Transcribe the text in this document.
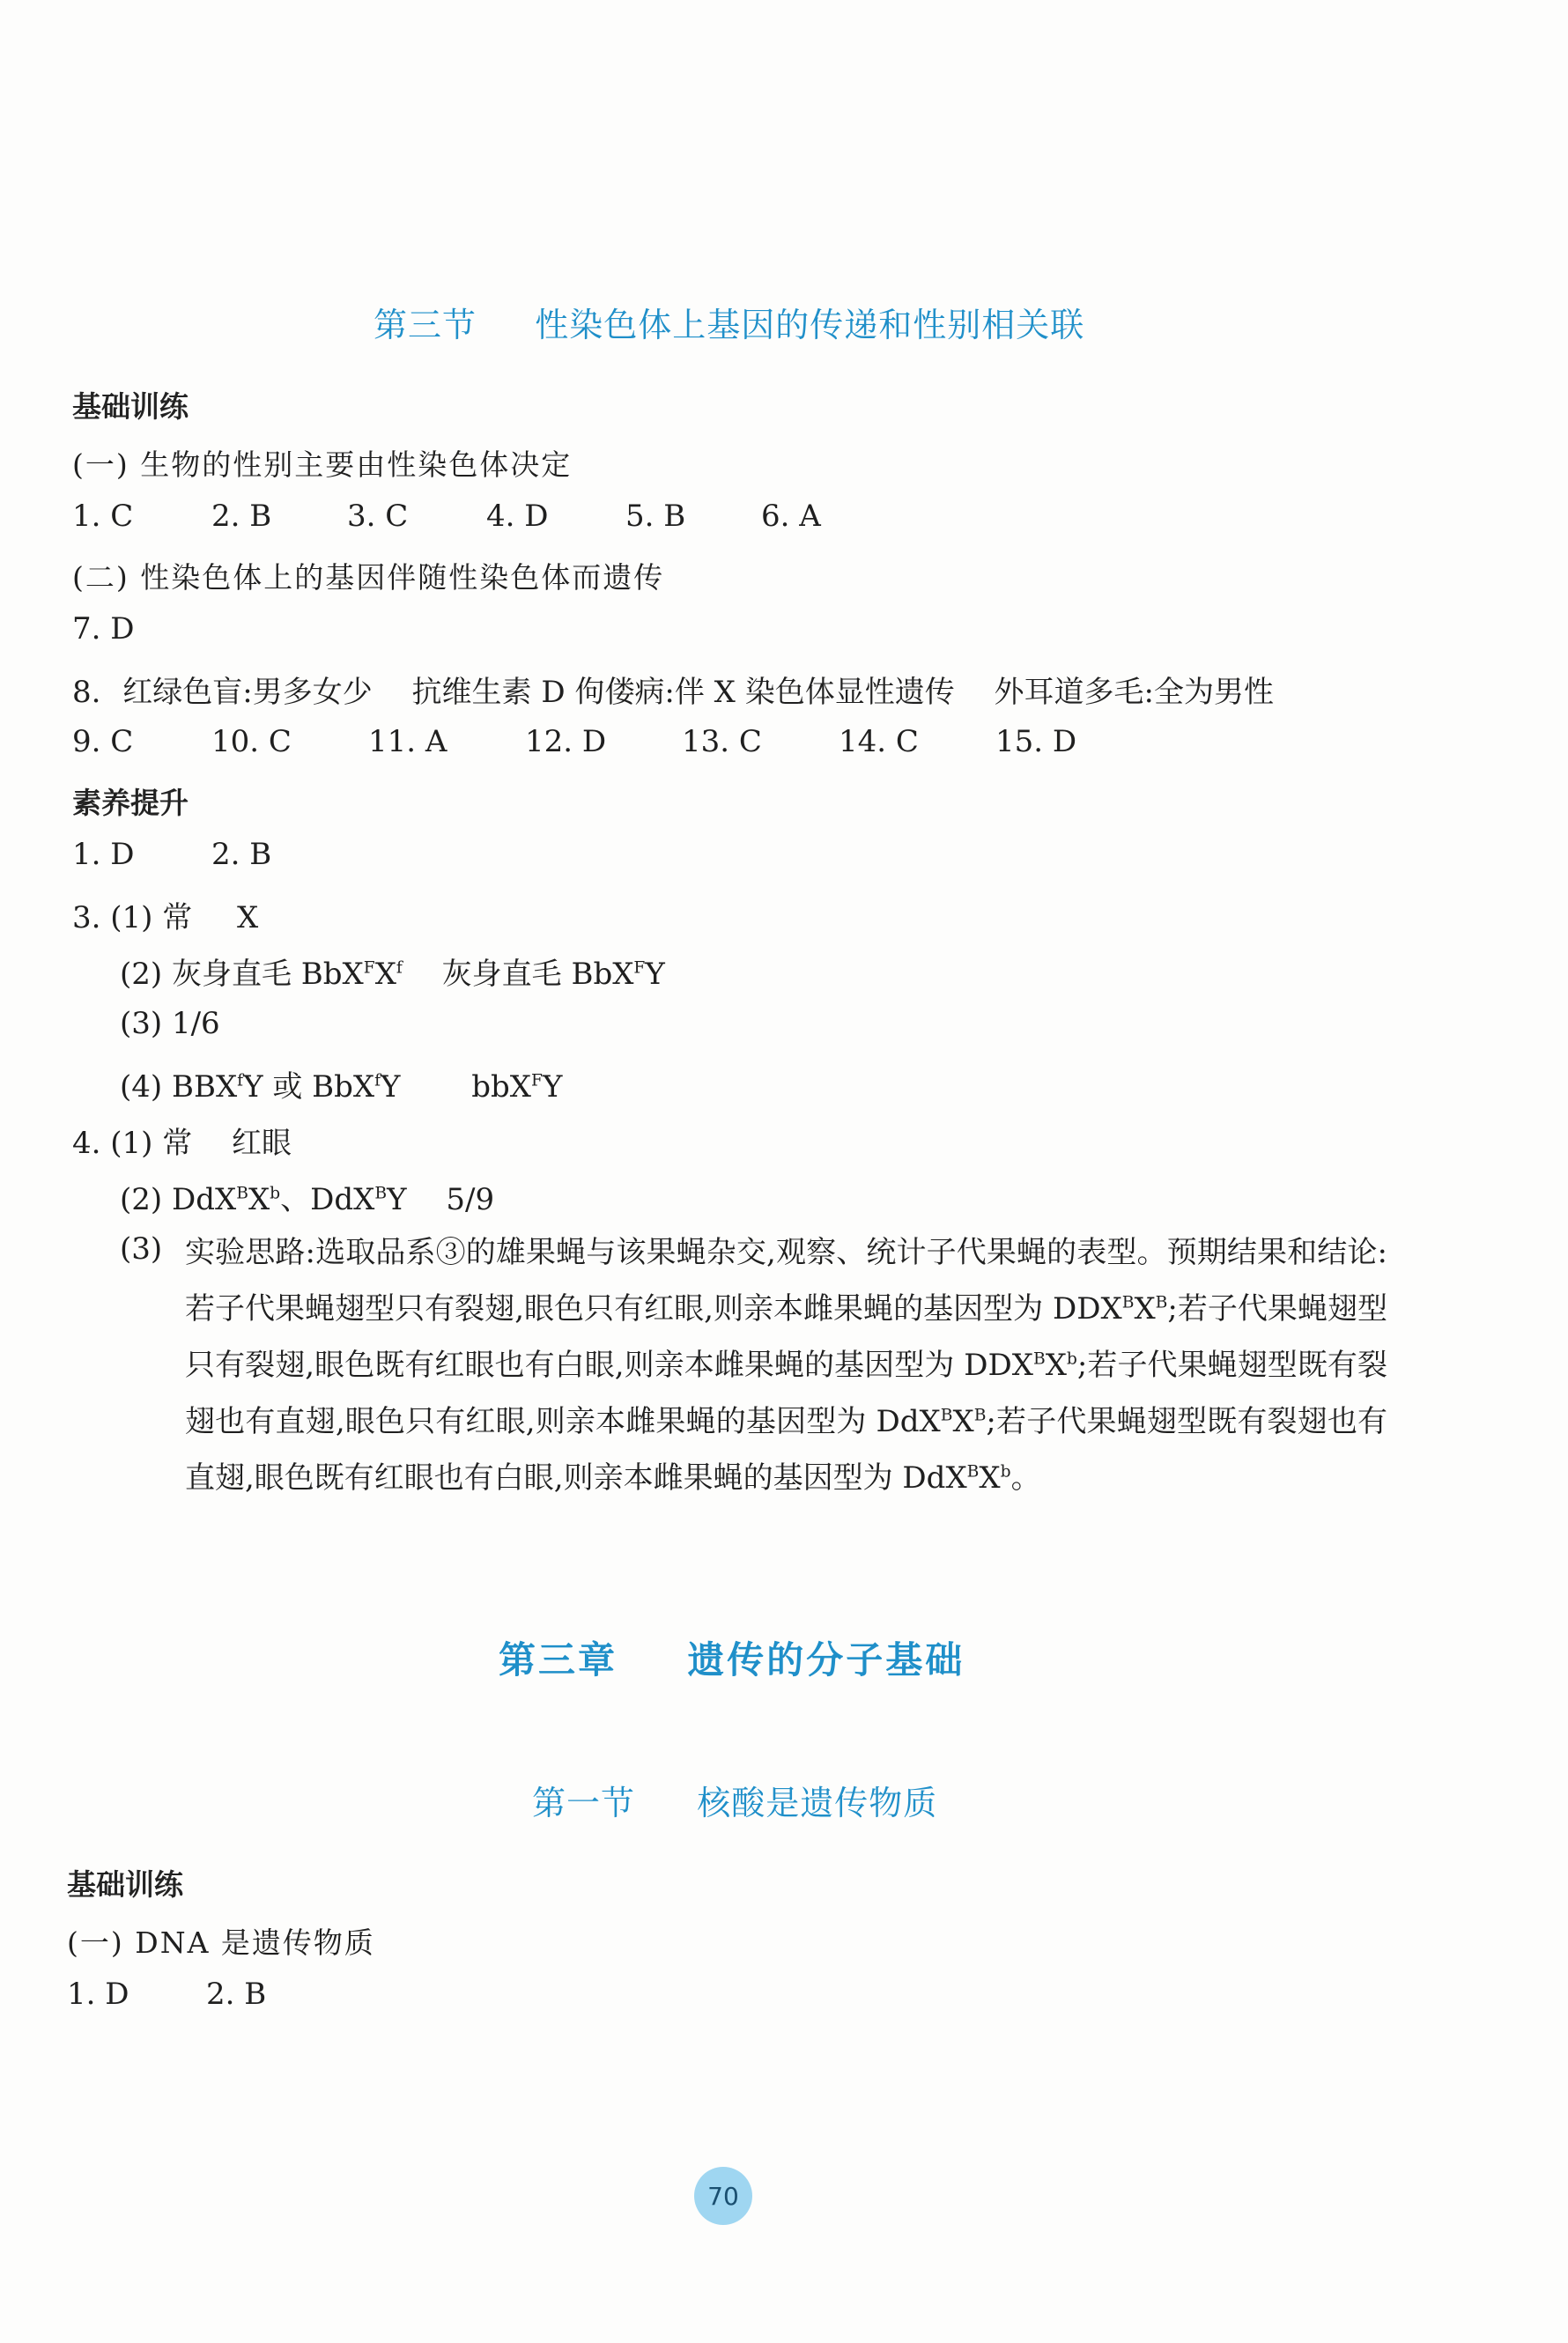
第三节 性染色体上基因的传递和性别相关联
基础训练
(一) 生物的性别主要由性染色体决定
1. C	2. B	3. C	4. D	5. B	6. A
(二) 性染色体上的基因伴随性染色体而遗传
7. D
8. 红绿色盲:男多女少 抗维生素 D 佝偻病:伴 X 染色体显性遗传 外耳道多毛:全为男性
9. C	10. C	11. A	12. D	13. C	14. C	15. D
素养提升
1. D	2. B
3. (1) 常 X
(2) 灰身直毛 $BbX^FX^f$ 灰身直毛 BbX$^F$Y
(3) 1/6
(4) BBX$^f$Y 或 BbX$^f$Y bbX$^F$Y
4. (1) 常 红眼
(2) $DdX^BX^b$、DdX$^B$Y 5/9
(3) 实验思路:选取品系③的雄果蝇与该果蝇杂交,观察、统计子代果蝇的表型。预期结果和结论:若子代果蝇翅型只有裂翅,眼色只有红眼,则亲本雌果蝇的基因型为 $DDX^BX^B$;若子代果蝇翅型只有裂翅,眼色既有红眼也有白眼,则亲本雌果蝇的基因型为 $DDX^BX^b$;若子代果蝇翅型既有裂翅也有直翅,眼色只有红眼,则亲本雌果蝇的基因型为 $DdX^BX^B$;若子代果蝇翅型既有裂翅也有直翅,眼色既有红眼也有白眼,则亲本雌果蝇的基因型为 $DdX^BX^b$。
第三章 遗传的分子基础
第一节 核酸是遗传物质
基础训练
(一) DNA 是遗传物质
1. D	2. B
70
